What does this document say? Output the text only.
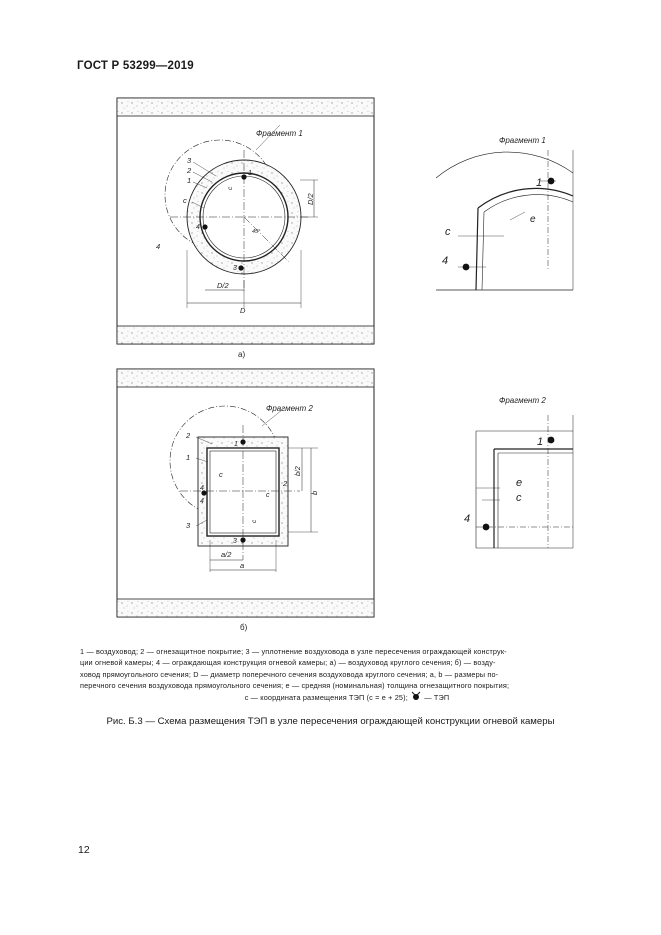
ГОСТ Р 53299—2019
Фрагмент 1
3
2
1
c
4
4
1
3
D/2
D/2
D
c
45°
а)
Фрагмент 1
1
e
c
4
Фрагмент 2
2
1
c
4
4
3
1
3
c
c
2
b/2
b
a/2
a
б)
Фрагмент 2
1
e
c
4
1 — воздуховод; 2 — огнезащитное покрытие; 3 — уплотнение воздуховода в узле пересечения ограждающей конструк-
ции огневой камеры; 4 — ограждающая конструкция огневой камеры; а) — воздуховод круглого сечения; б) — возду-
ховод прямоугольного сечения; D — диаметр поперечного сечения воздуховода круглого сечения; a, b — размеры по-
перечного сечения воздуховода прямоугольного сечения; e — средняя (номинальная) толщина огнезащитного покрытия;
c — координата размещения ТЭП (c = e + 25); — ТЭП
Рис. Б.3 — Схема размещения ТЭП в узле пересечения ограждающей конструкции огневой камеры
12
